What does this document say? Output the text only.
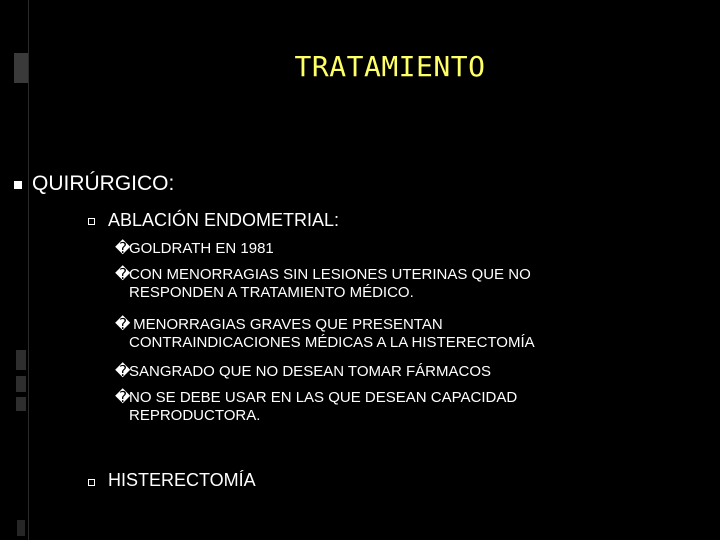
TRATAMIENTO
QUIRÚRGICO:
ABLACIÓN ENDOMETRIAL:
�GOLDRATH EN 1981
�CON MENORRAGIAS SIN LESIONES UTERINAS QUE NO
RESPONDEN A TRATAMIENTO MÉDICO.
� MENORRAGIAS GRAVES QUE PRESENTAN
CONTRAINDICACIONES MÉDICAS A LA HISTERECTOMÍA
�SANGRADO QUE NO DESEAN TOMAR FÁRMACOS
�NO SE DEBE USAR EN LAS QUE DESEAN CAPACIDAD
REPRODUCTORA.
HISTERECTOMÍA
